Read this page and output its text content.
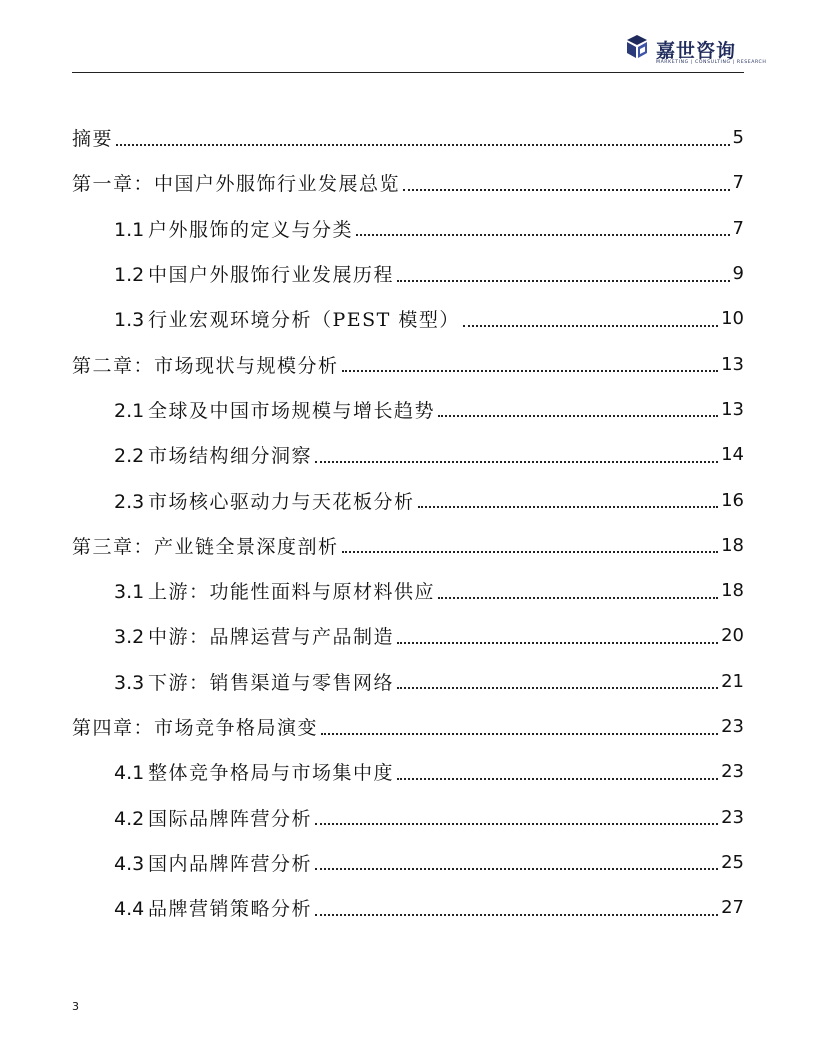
嘉世咨询
MARKETING | CONSULTING | RESEARCH
摘要	5
第一章：中国户外服饰行业发展总览	7
1.1 户外服饰的定义与分类	7
1.2 中国户外服饰行业发展历程	9
1.3 行业宏观环境分析（PEST 模型）	10
第二章：市场现状与规模分析	13
2.1 全球及中国市场规模与增长趋势	13
2.2 市场结构细分洞察	14
2.3 市场核心驱动力与天花板分析	16
第三章：产业链全景深度剖析	18
3.1 上游：功能性面料与原材料供应	18
3.2 中游：品牌运营与产品制造	20
3.3 下游：销售渠道与零售网络	21
第四章：市场竞争格局演变	23
4.1 整体竞争格局与市场集中度	23
4.2 国际品牌阵营分析	23
4.3 国内品牌阵营分析	25
4.4 品牌营销策略分析	27
3
